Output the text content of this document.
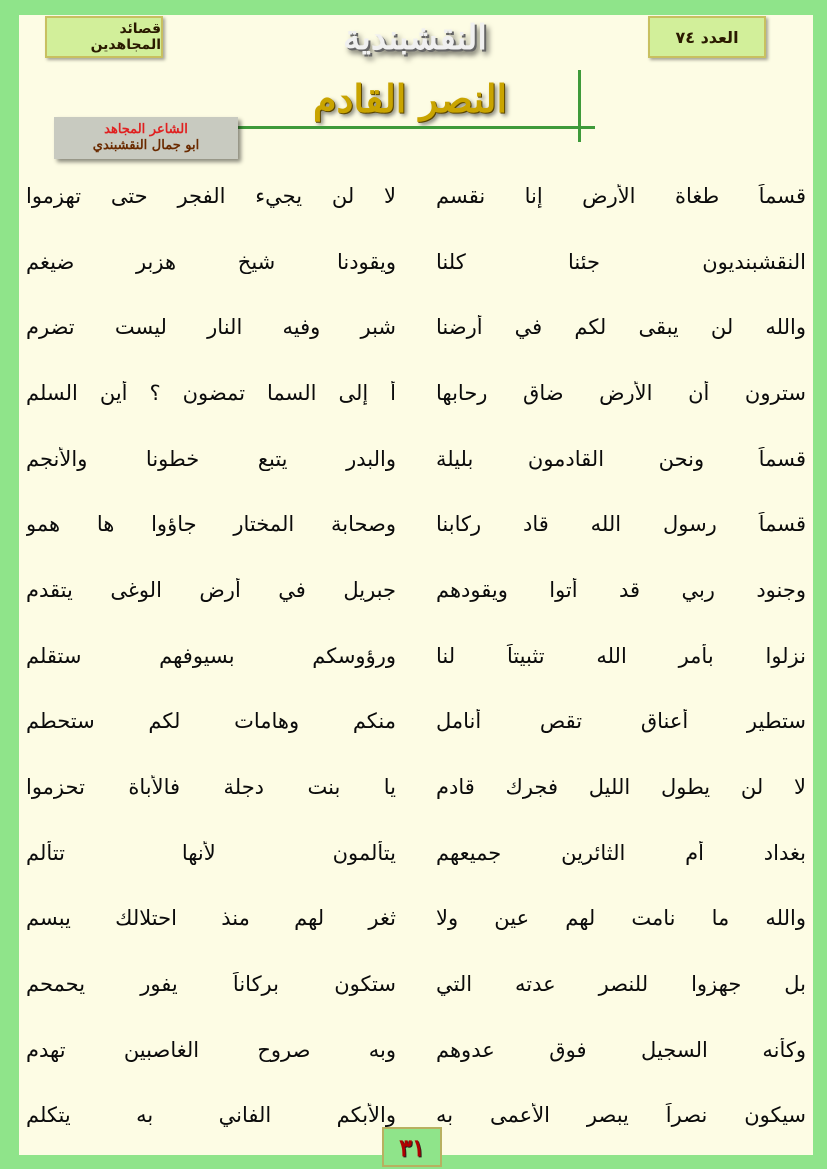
قصائد المجاهدين	العدد ٧٤
النقشبندية
النصر القادم
الشاعر المجاهد
ابو جمال النقشبندي
قسماً طغاة الأرض إنا نقسم
لا لن يجيء الفجر حتى تهزموا
النقشبنديون جئنا كلنا
ويقودنا شيخ هزبر ضيغم
والله لن يبقى لكم في أرضنا
شبر وفيه النار ليست تضرم
سترون أن الأرض ضاق رحابها
أ إلى السما تمضون ؟ أين السلم
قسماً ونحن القادمون بليلة
والبدر يتبع خطونا والأنجم
قسماً رسول الله قاد ركابنا
وصحابة المختار جاؤوا ها همو
وجنود ربي قد أتوا ويقودهم
جبريل في أرض الوغى يتقدم
نزلوا بأمر الله تثبيتاً لنا
ورؤوسكم بسيوفهم ستقلم
ستطير أعناق تقص أنامل
منكم وهامات لكم ستحطم
لا لن يطول الليل فجرك قادم
يا بنت دجلة فالأباة تحزموا
بغداد أم الثائرين جميعهم
يتألمون لأنها تتألم
والله ما نامت لهم عين ولا
ثغر لهم منذ احتلالك يبسم
بل جهزوا للنصر عدته التي
ستكون بركاناً يفور يحمحم
وكأنه السجيل فوق عدوهم
وبه صروح الغاصبين تهدم
سيكون نصراً يبصر الأعمى به
والأبكم الفاني به يتكلم
٣١
